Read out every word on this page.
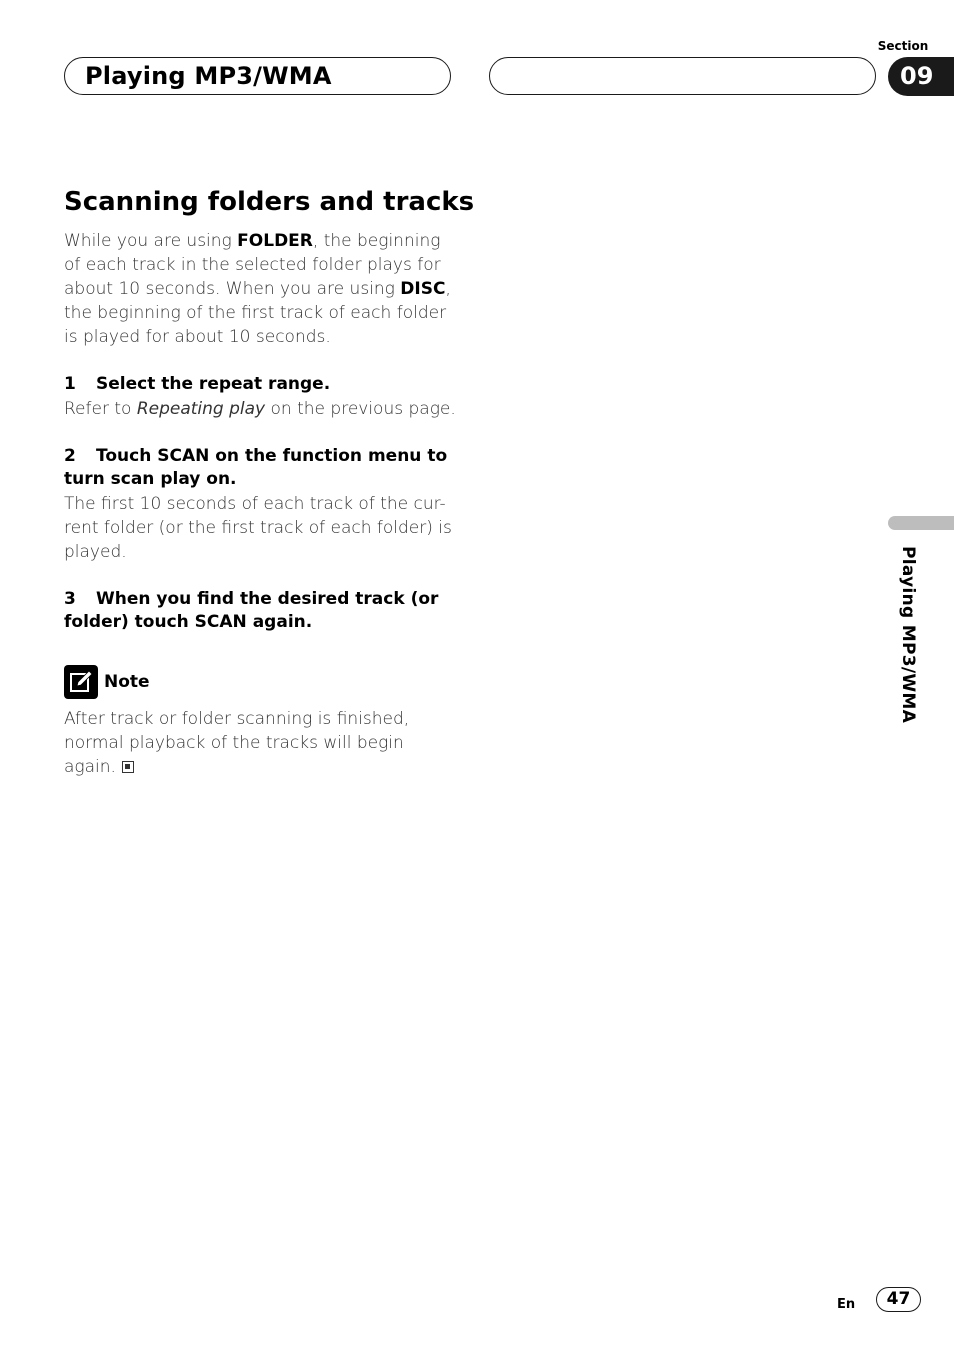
Playing MP3/WMA
Section
09
Scanning folders and tracks

While you are using FOLDER, the beginning of each track in the selected folder plays for about 10 seconds. When you are using DISC, the beginning of the first track of each folder is played for about 10 seconds.

1 Select the repeat range.

Refer to Repeating play on the previous page.

2 Touch SCAN on the function menu to turn scan play on.

The first 10 seconds of each track of the cur-rent folder (or the first track of each folder) is played.

3 When you find the desired track (or folder) touch SCAN again.
Note

After track or folder scanning is finished, normal playback of the tracks will begin again.

Playing MP3/WMA
En	47
